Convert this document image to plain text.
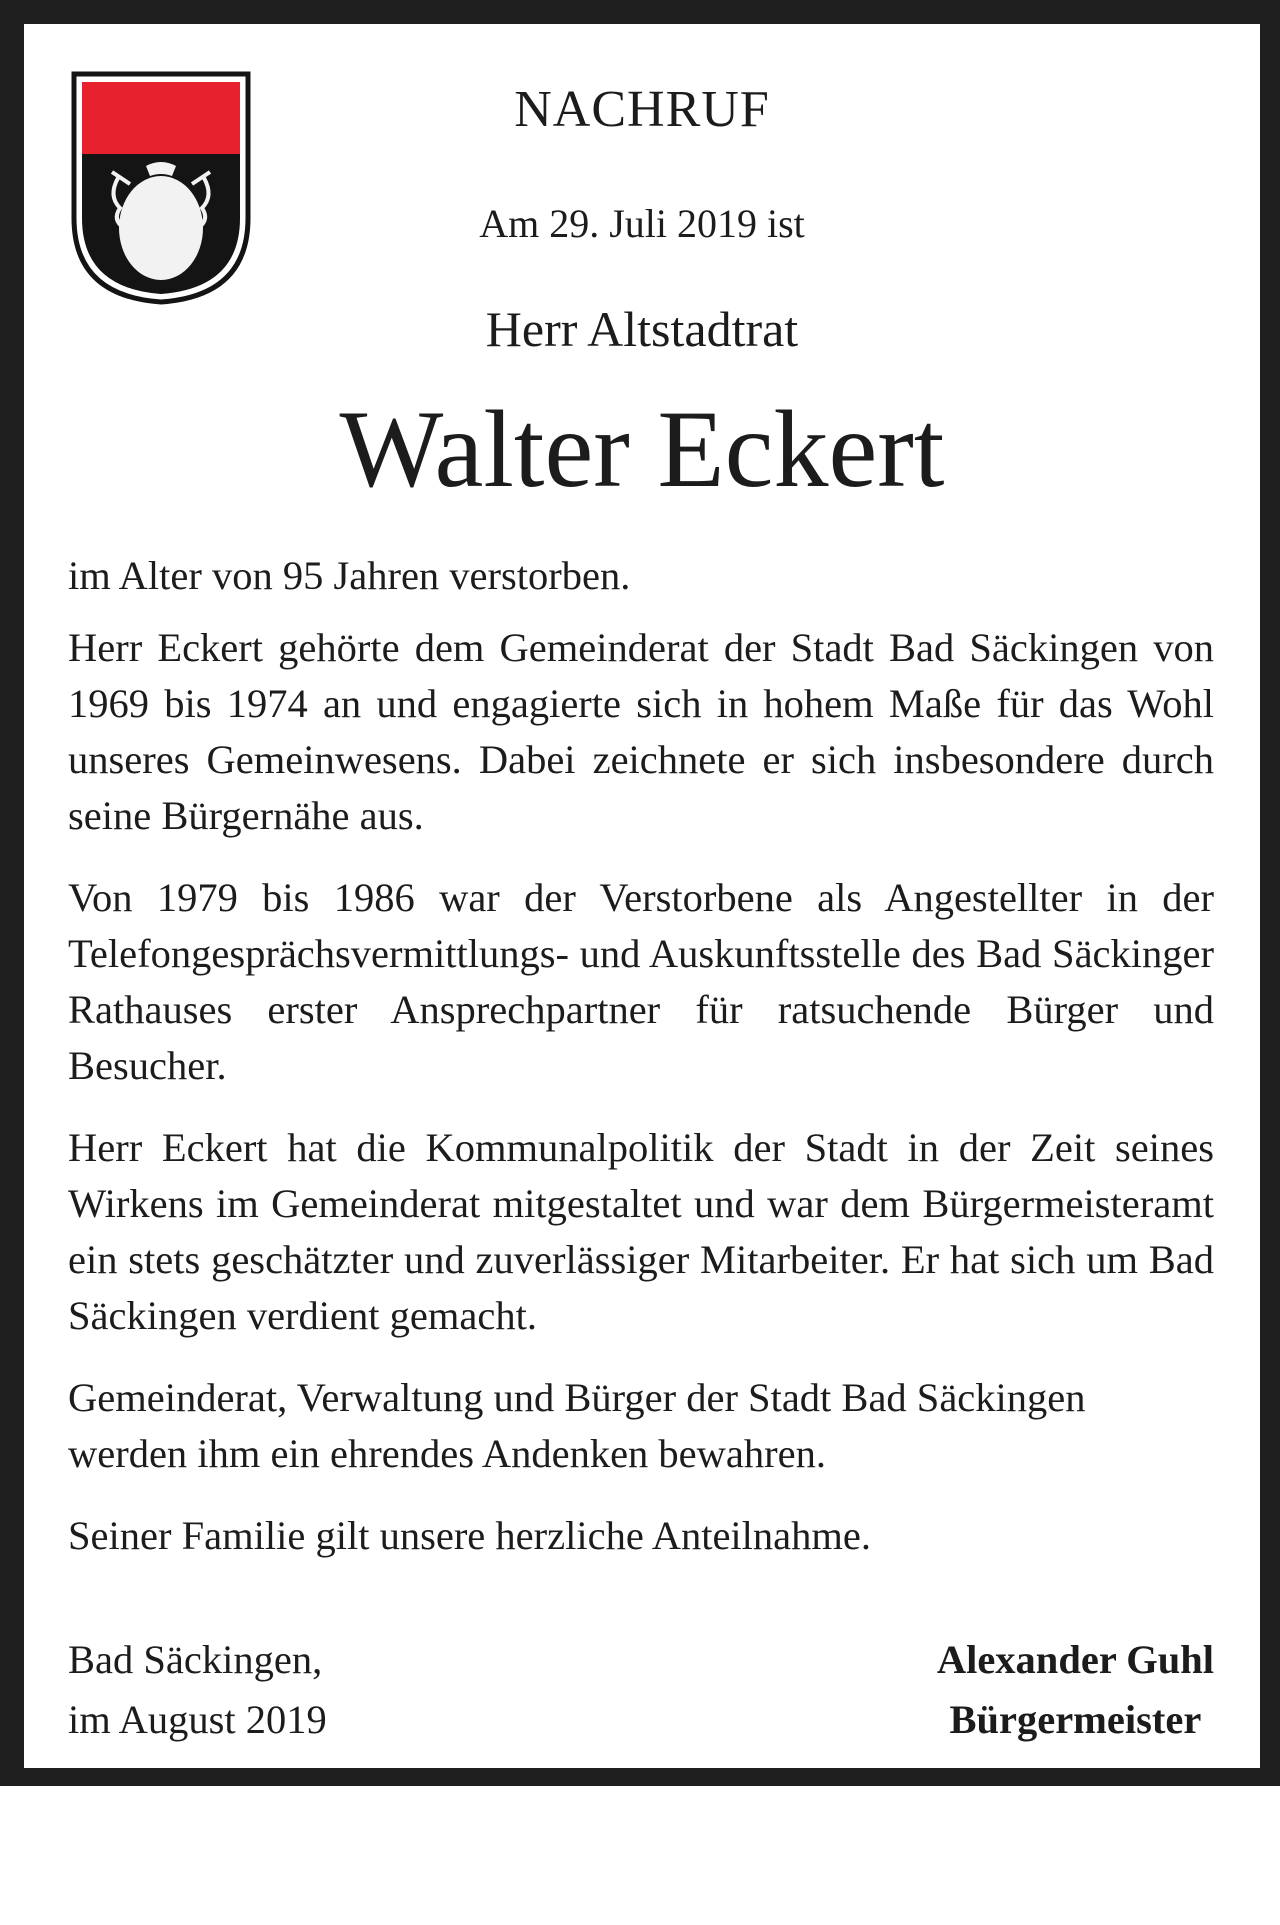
NACHRUF
Am 29. Juli 2019 ist
Herr Altstadtrat
Walter Eckert

im Alter von 95 Jahren verstorben.

Herr Eckert gehörte dem Gemeinderat der Stadt Bad Säckingen von 1969 bis 1974 an und engagierte sich in hohem Maße für das Wohl unseres Gemeinwesens. Dabei zeichnete er sich insbesondere durch seine Bürgernähe aus.

Von 1979 bis 1986 war der Verstorbene als Angestellter in der Telefongesprächsvermittlungs- und Auskunftsstelle des Bad Säckinger Rathauses erster Ansprechpartner für ratsuchende Bürger und Besucher.

Herr Eckert hat die Kommunalpolitik der Stadt in der Zeit seines Wirkens im Gemeinderat mitgestaltet und war dem Bürgermeisteramt ein stets geschätzter und zuverlässiger Mitarbeiter. Er hat sich um Bad Säckingen verdient gemacht.

Gemeinderat, Verwaltung und Bürger der Stadt Bad Säckingen werden ihm ein ehrendes Andenken bewahren.

Seiner Familie gilt unsere herzliche Anteilnahme.

Bad Säckingen,
im August 2019
Alexander Guhl
Bürgermeister
